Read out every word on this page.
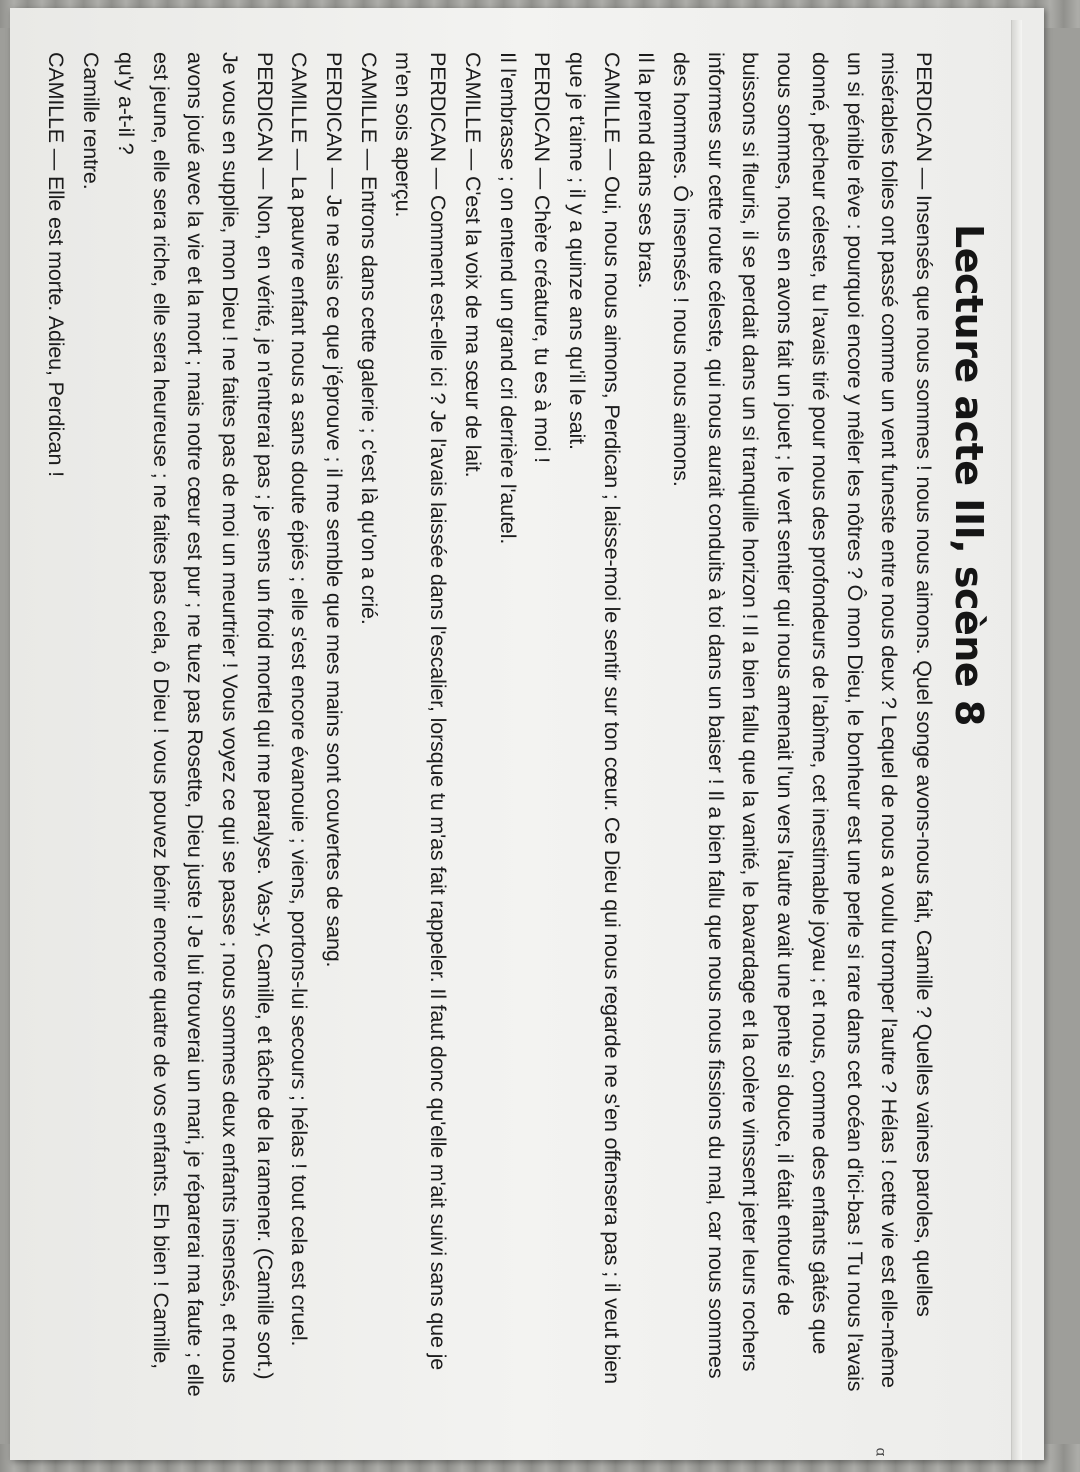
Lecture acte III, scène 8

PERDICAN — Insensés que nous sommes ! nous nous aimons. Quel songe avons-nous fait, Camille ? Quelles vaines paroles, quelles misérables folies ont passé comme un vent funeste entre nous deux ? Lequel de nous a voulu tromper l'autre ? Hélas ! cette vie est elle-même un si pénible rêve : pourquoi encore y mêler les nôtres ? Ô mon Dieu, le bonheur est une perle si rare dans cet océan d'ici-bas ! Tu nous l'avais donné, pêcheur céleste, tu l'avais tiré pour nous des profondeurs de l'abîme, cet inestimable joyau ; et nous, comme des enfants gâtés que nous sommes, nous en avons fait un jouet ; le vert sentier qui nous amenait l'un vers l'autre avait une pente si douce, il était entouré de buissons si fleuris, il se perdait dans un si tranquille horizon ! Il a bien fallu que la vanité, le bavardage et la colère vinssent jeter leurs rochers informes sur cette route céleste, qui nous aurait conduits à toi dans un baiser ! Il a bien fallu que nous nous fissions du mal, car nous sommes des hommes. Ô insensés ! nous nous aimons.

Il la prend dans ses bras.

CAMILLE — Oui, nous nous aimons, Perdican ; laisse-moi le sentir sur ton cœur. Ce Dieu qui nous regarde ne s'en offensera pas ; il veut bien que je t'aime ; il y a quinze ans qu'il le sait.

PERDICAN — Chère créature, tu es à moi !

Il l'embrasse ; on entend un grand cri derrière l'autel.

CAMILLE — C'est la voix de ma sœur de lait.

PERDICAN — Comment est-elle ici ? Je l'avais laissée dans l'escalier, lorsque tu m'as fait rappeler. Il faut donc qu'elle m'ait suivi sans que je m'en sois aperçu.

CAMILLE — Entrons dans cette galerie ; c'est là qu'on a crié.

PERDICAN — Je ne sais ce que j'éprouve ; il me semble que mes mains sont couvertes de sang.

CAMILLE — La pauvre enfant nous a sans doute épiés ; elle s'est encore évanouie ; viens, portons-lui secours ; hélas ! tout cela est cruel.

PERDICAN — Non, en vérité, je n'entrerai pas ; je sens un froid mortel qui me paralyse. Vas-y, Camille, et tâche de la ramener. (Camille sort.) Je vous en supplie, mon Dieu ! ne faites pas de moi un meurtrier ! Vous voyez ce qui se passe ; nous sommes deux enfants insensés, et nous avons joué avec la vie et la mort ; mais notre cœur est pur ; ne tuez pas Rosette, Dieu juste ! Je lui trouverai un mari, je réparerai ma faute ; elle est jeune, elle sera riche, elle sera heureuse ; ne faites pas cela, ô Dieu ! vous pouvez bénir encore quatre de vos enfants. Eh bien ! Camille, qu'y a-t-il ?

Camille rentre.

CAMILLE — Elle est morte. Adieu, Perdican !

ɑ
